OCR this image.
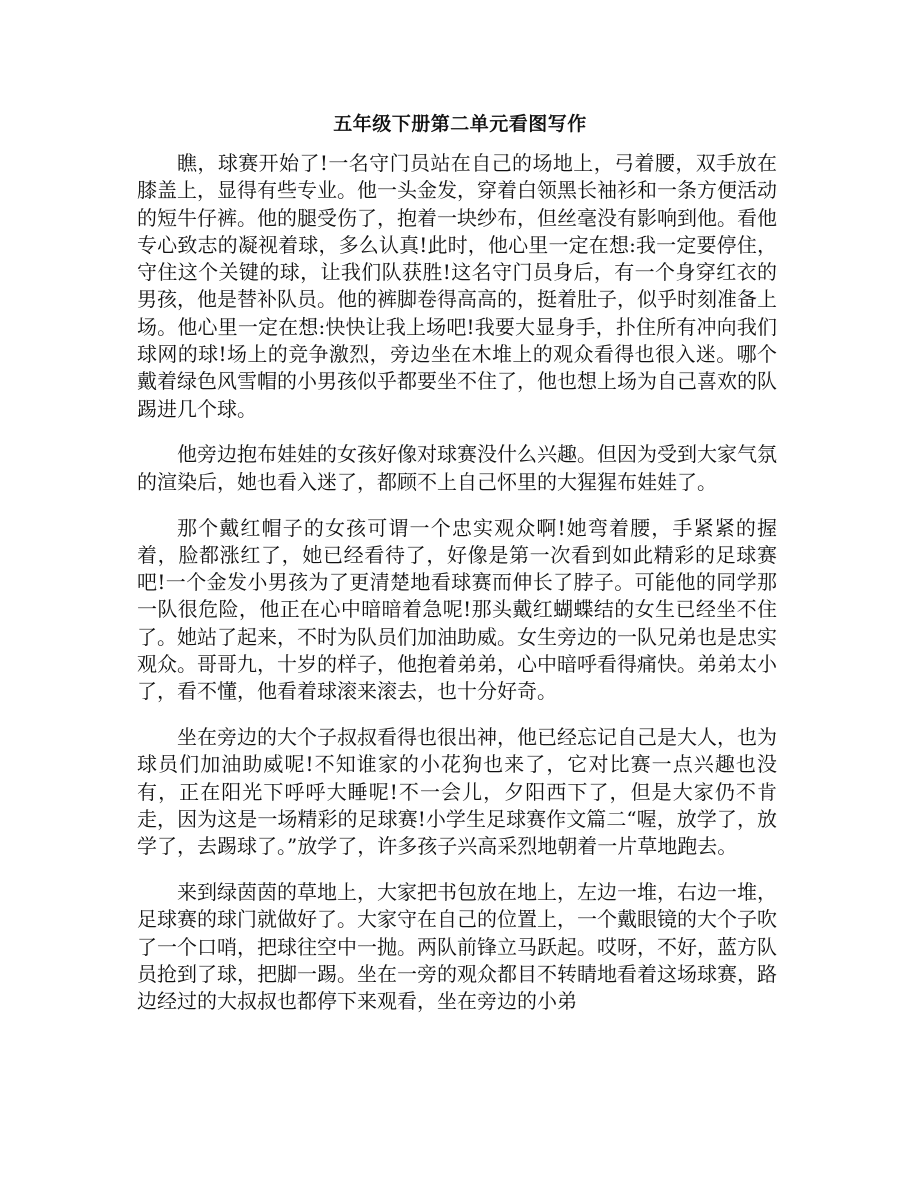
五年级下册第二单元看图写作

瞧，球赛开始了!一名守门员站在自己的场地上，弓着腰，双手放在膝盖上，显得有些专业。他一头金发，穿着白领黑长袖衫和一条方便活动的短牛仔裤。他的腿受伤了，抱着一块纱布，但丝毫没有影响到他。看他专心致志的凝视着球，多么认真!此时，他心里一定在想:我一定要停住，守住这个关键的球，让我们队获胜!这名守门员身后，有一个身穿红衣的男孩，他是替补队员。他的裤脚卷得高高的，挺着肚子，似乎时刻准备上场。他心里一定在想:快快让我上场吧!我要大显身手，扑住所有冲向我们球网的球!场上的竞争激烈，旁边坐在木堆上的观众看得也很入迷。哪个戴着绿色风雪帽的小男孩似乎都要坐不住了，他也想上场为自己喜欢的队踢进几个球。

他旁边抱布娃娃的女孩好像对球赛没什么兴趣。但因为受到大家气氛的渲染后，她也看入迷了，都顾不上自己怀里的大猩猩布娃娃了。

那个戴红帽子的女孩可谓一个忠实观众啊!她弯着腰，手紧紧的握着，脸都涨红了，她已经看待了，好像是第一次看到如此精彩的足球赛吧!一个金发小男孩为了更清楚地看球赛而伸长了脖子。可能他的同学那一队很危险，他正在心中暗暗着急呢!那头戴红蝴蝶结的女生已经坐不住了。她站了起来，不时为队员们加油助威。女生旁边的一队兄弟也是忠实观众。哥哥九，十岁的样子，他抱着弟弟，心中暗呼看得痛快。弟弟太小了，看不懂，他看着球滚来滚去，也十分好奇。

坐在旁边的大个子叔叔看得也很出神，他已经忘记自己是大人，也为球员们加油助威呢!不知谁家的小花狗也来了，它对比赛一点兴趣也没有，正在阳光下呼呼大睡呢!不一会儿，夕阳西下了，但是大家仍不肯走，因为这是一场精彩的足球赛!小学生足球赛作文篇二“喔，放学了，放学了，去踢球了。”放学了，许多孩子兴高采烈地朝着一片草地跑去。

来到绿茵茵的草地上，大家把书包放在地上，左边一堆，右边一堆，足球赛的球门就做好了。大家守在自己的位置上，一个戴眼镜的大个子吹了一个口哨，把球往空中一抛。两队前锋立马跃起。哎呀，不好，蓝方队员抢到了球，把脚一踢。坐在一旁的观众都目不转睛地看着这场球赛，路边经过的大叔叔也都停下来观看，坐在旁边的小弟
